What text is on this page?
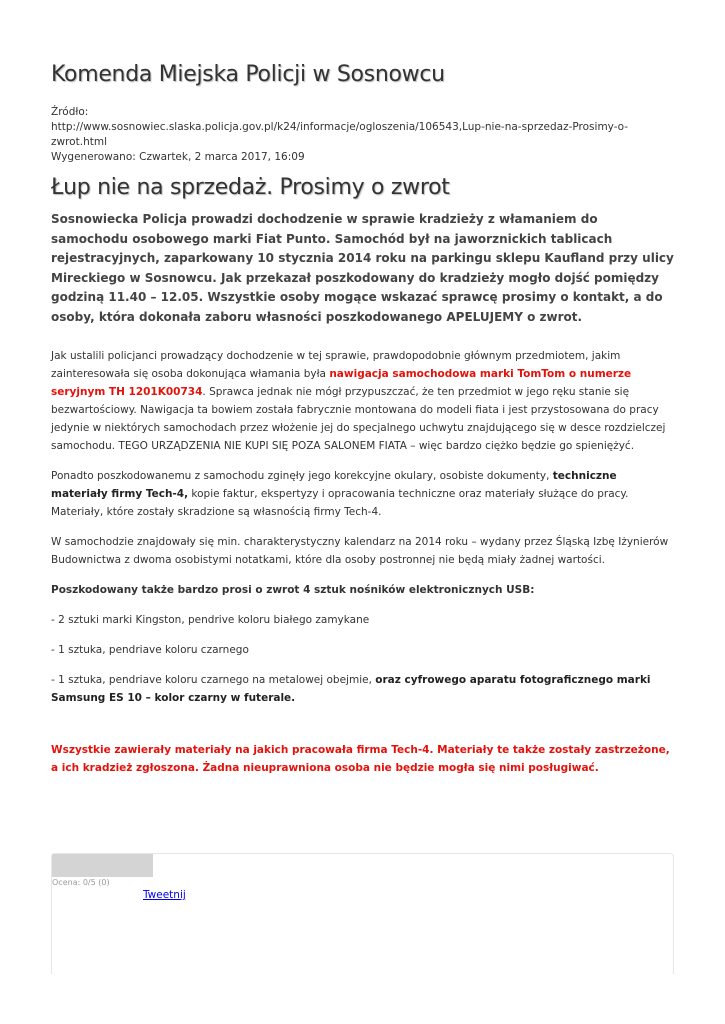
Komenda Miejska Policji w Sosnowcu
Źródło:
http://www.sosnowiec.slaska.policja.gov.pl/k24/informacje/ogloszenia/106543,Lup-nie-na-sprzedaz-Prosimy-o-zwrot.html
Wygenerowano: Czwartek, 2 marca 2017, 16:09
Łup nie na sprzedaż. Prosimy o zwrot

Sosnowiecka Policja prowadzi dochodzenie w sprawie kradzieży z włamaniem do samochodu osobowego marki Fiat Punto. Samochód był na jaworznickich tablicach rejestracyjnych, zaparkowany 10 stycznia 2014 roku na parkingu sklepu Kaufland przy ulicy Mireckiego w Sosnowcu. Jak przekazał poszkodowany do kradzieży mogło dojść pomiędzy godziną 11.40 – 12.05. Wszystkie osoby mogące wskazać sprawcę prosimy o kontakt, a do osoby, która dokonała zaboru własności poszkodowanego APELUJEMY o zwrot.

Jak ustalili policjanci prowadzący dochodzenie w tej sprawie, prawdopodobnie głównym przedmiotem, jakim zainteresowała się osoba dokonująca włamania była nawigacja samochodowa marki TomTom o numerze seryjnym TH 1201K00734. Sprawca jednak nie mógł przypuszczać, że ten przedmiot w jego ręku stanie się bezwartościowy. Nawigacja ta bowiem została fabrycznie montowana do modeli fiata i jest przystosowana do pracy jedynie w niektórych samochodach przez włożenie jej do specjalnego uchwytu znajdującego się w desce rozdzielczej samochodu. TEGO URZĄDZENIA NIE KUPI SIĘ POZA SALONEM FIATA – więc bardzo ciężko będzie go spieniężyć.

Ponadto poszkodowanemu z samochodu zginęły jego korekcyjne okulary, osobiste dokumenty, techniczne materiały firmy Tech-4, kopie faktur, ekspertyzy i opracowania techniczne oraz materiały służące do pracy. Materiały, które zostały skradzione są własnością firmy Tech-4.

W samochodzie znajdowały się min. charakterystyczny kalendarz na 2014 roku – wydany przez Śląską Izbę Iżynierów Budownictwa z dwoma osobistymi notatkami, które dla osoby postronnej nie będą miały żadnej wartości.

Poszkodowany także bardzo prosi o zwrot 4 sztuk nośników elektronicznych USB:

- 2 sztuki marki Kingston, pendrive koloru białego zamykane

- 1 sztuka, pendriave koloru czarnego

- 1 sztuka, pendriave koloru czarnego na metalowej obejmie, oraz cyfrowego aparatu fotograficznego marki Samsung ES 10 – kolor czarny w futerale.

Wszystkie zawierały materiały na jakich pracowała firma Tech-4. Materiały te także zostały zastrzeżone, a ich kradzież zgłoszona. Żadna nieuprawniona osoba nie będzie mogła się nimi posługiwać.
Ocena: 0/5 (0)
Tweetnij
